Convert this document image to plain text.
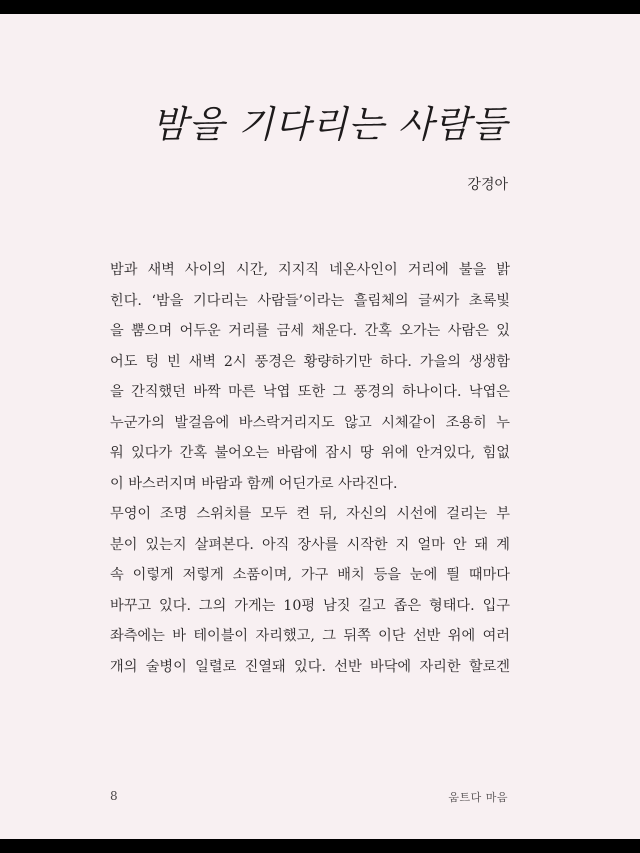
밤을 기다리는 사람들
강경아
밤과 새벽 사이의 시간, 지지직 네온사인이 거리에 불을 밝
힌다. ‘밤을 기다리는 사람들’이라는 흘림체의 글씨가 초록빛
을 뿜으며 어두운 거리를 금세 채운다. 간혹 오가는 사람은 있
어도 텅 빈 새벽 2시 풍경은 황량하기만 하다. 가을의 생생함
을 간직했던 바짝 마른 낙엽 또한 그 풍경의 하나이다. 낙엽은
누군가의 발걸음에 바스락거리지도 않고 시체같이 조용히 누
워 있다가 간혹 불어오는 바람에 잠시 땅 위에 안겨있다, 힘없
이 바스러지며 바람과 함께 어딘가로 사라진다.
무영이 조명 스위치를 모두 켠 뒤, 자신의 시선에 걸리는 부
분이 있는지 살펴본다. 아직 장사를 시작한 지 얼마 안 돼 계
속 이렇게 저렇게 소품이며, 가구 배치 등을 눈에 띌 때마다
바꾸고 있다. 그의 가게는 10평 남짓 길고 좁은 형태다. 입구
좌측에는 바 테이블이 자리했고, 그 뒤쪽 이단 선반 위에 여러
개의 술병이 일렬로 진열돼 있다. 선반 바닥에 자리한 할로겐
8	움트다 마음
